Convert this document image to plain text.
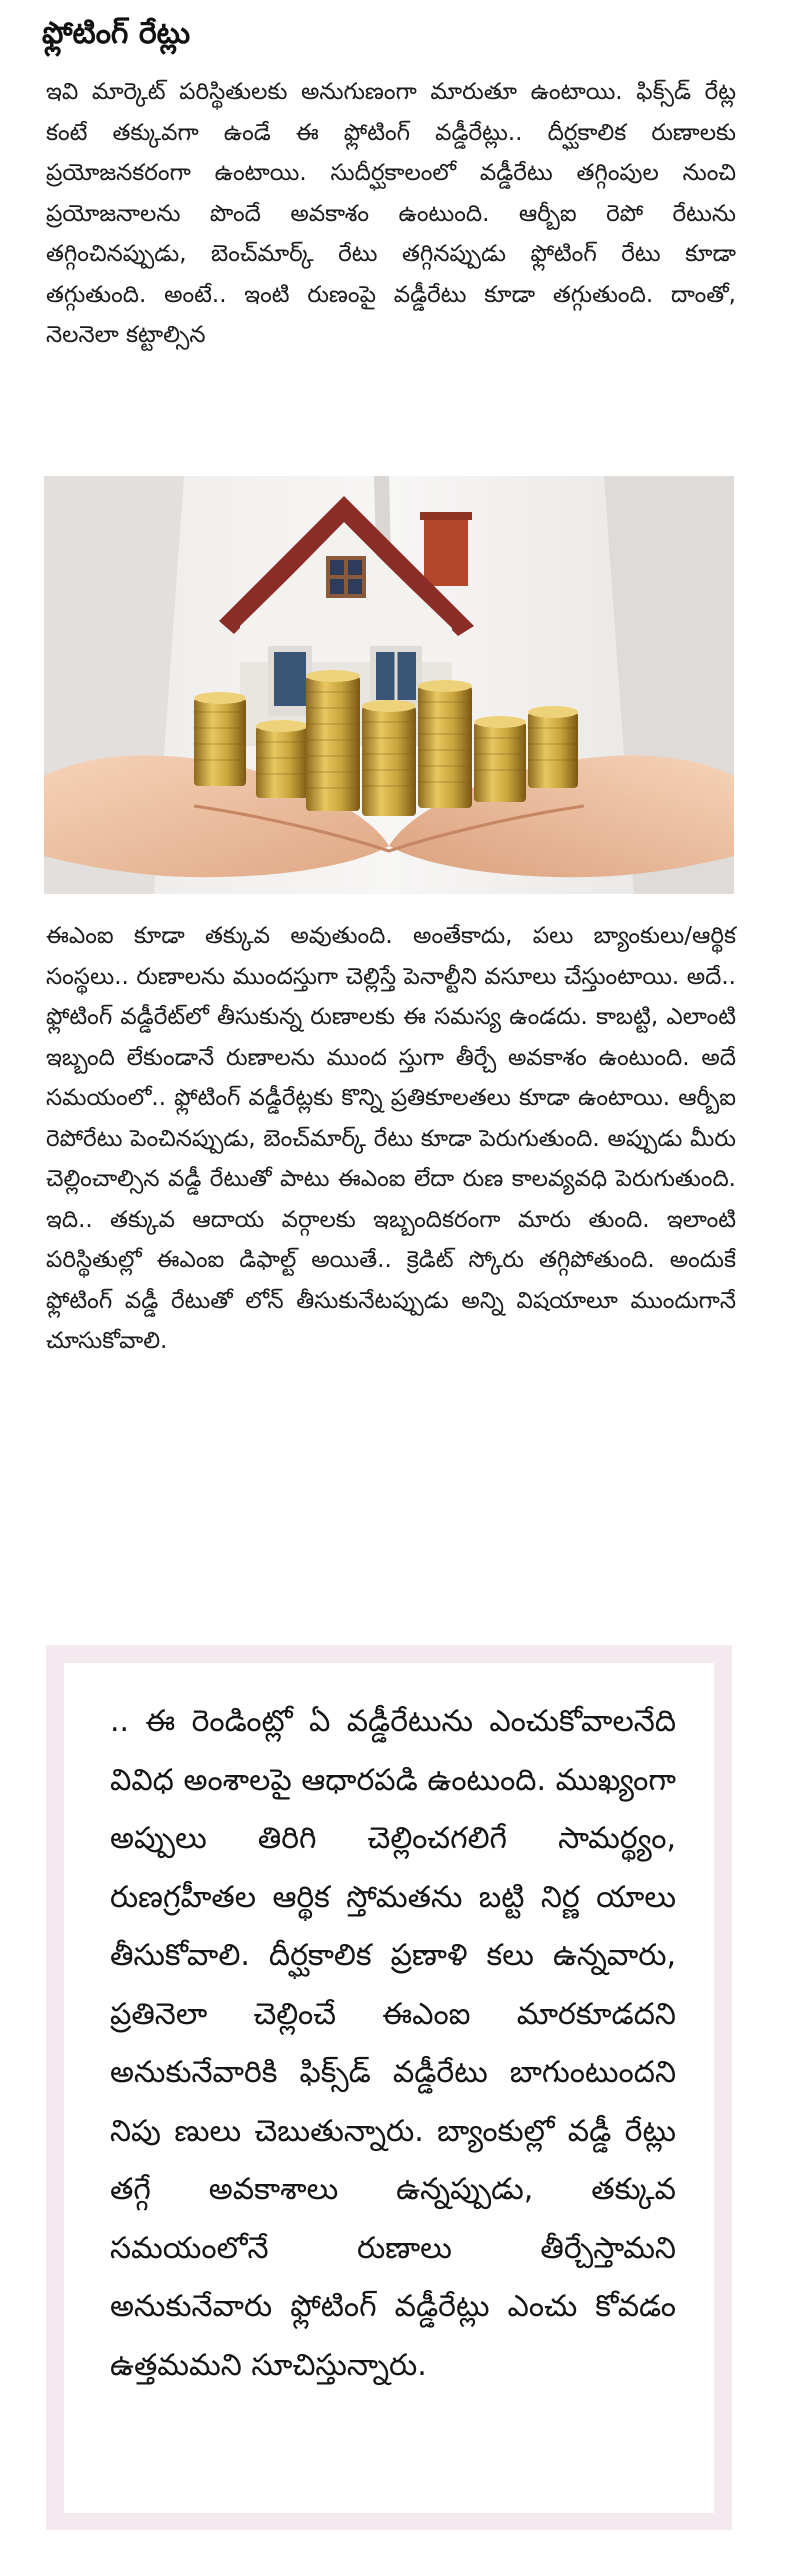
ఫ్లోటింగ్ రేట్లు
ఇవి మార్కెట్ పరిస్థితులకు అనుగుణంగా మారుతూ ఉంటాయి. ఫిక్స్‌డ్ రేట్ల కంటే తక్కువగా ఉండే ఈ ఫ్లోటింగ్ వడ్డీరేట్లు.. దీర్ఘకాలిక రుణాలకు ప్రయోజనకరంగా ఉంటాయి. సుదీర్ఘకాలంలో వడ్డీరేటు తగ్గింపుల నుంచి ప్రయోజనాలను పొందే అవకాశం ఉంటుంది. ఆర్బీఐ రెపో రేటును తగ్గించినప్పుడు, బెంచ్‌మార్క్ రేటు తగ్గినప్పుడు ఫ్లోటింగ్ రేటు కూడా తగ్గుతుంది. అంటే.. ఇంటి రుణంపై వడ్డీరేటు కూడా తగ్గుతుంది. దాంతో, నెలనెలా కట్టాల్సిన
ఈఎంఐ కూడా తక్కువ అవుతుంది. అంతేకాదు, పలు బ్యాంకులు/ఆర్థిక సంస్థలు.. రుణాలను ముందస్తుగా చెల్లిస్తే పెనాల్టీని వసూలు చేస్తుంటాయి. అదే.. ఫ్లోటింగ్ వడ్డీరేట్‌లో తీసుకున్న రుణాలకు ఈ సమస్య ఉండదు. కాబట్టి, ఎలాంటి ఇబ్బంది లేకుండానే రుణాలను ముంద స్తుగా తీర్చే అవకాశం ఉంటుంది. అదే సమయంలో.. ఫ్లోటింగ్ వడ్డీరేట్లకు కొన్ని ప్రతికూలతలు కూడా ఉంటాయి. ఆర్బీఐ రెపోరేటు పెంచినప్పుడు, బెంచ్‌మార్క్ రేటు కూడా పెరుగుతుంది. అప్పుడు మీరు చెల్లించాల్సిన వడ్డీ రేటుతో పాటు ఈఎంఐ లేదా రుణ కాలవ్యవధి పెరుగుతుంది. ఇది.. తక్కువ ఆదాయ వర్గాలకు ఇబ్బందికరంగా మారు తుంది. ఇలాంటి పరిస్థితుల్లో ఈఎంఐ డిఫాల్ట్ అయితే.. క్రెడిట్ స్కోరు తగ్గిపోతుంది. అందుకే ఫ్లోటింగ్ వడ్డీ రేటుతో లోన్ తీసుకునేటప్పుడు అన్ని విషయాలూ ముందుగానే చూసుకోవాలి.
.. ఈ రెండింట్లో ఏ వడ్డీరేటును ఎంచుకోవాలనేది వివిధ అంశాలపై ఆధారపడి ఉంటుంది. ముఖ్యంగా అప్పులు తిరిగి చెల్లించగలిగే సామర్థ్యం, రుణగ్రహీతల ఆర్థిక స్తోమతను బట్టి నిర్ణ యాలు తీసుకోవాలి. దీర్ఘకాలిక ప్రణాళి కలు ఉన్నవారు, ప్రతినెలా చెల్లించే ఈఎంఐ మారకూడదని అనుకునేవారికి ఫిక్స్‌డ్ వడ్డీరేటు బాగుంటుందని నిపు ణులు చెబుతున్నారు. బ్యాంకుల్లో వడ్డీ రేట్లు తగ్గే అవకాశాలు ఉన్నప్పుడు, తక్కువ సమయంలోనే రుణాలు తీర్చేస్తామని అనుకునేవారు ఫ్లోటింగ్ వడ్డీరేట్లు ఎంచు కోవడం ఉత్తమమని సూచిస్తున్నారు.
